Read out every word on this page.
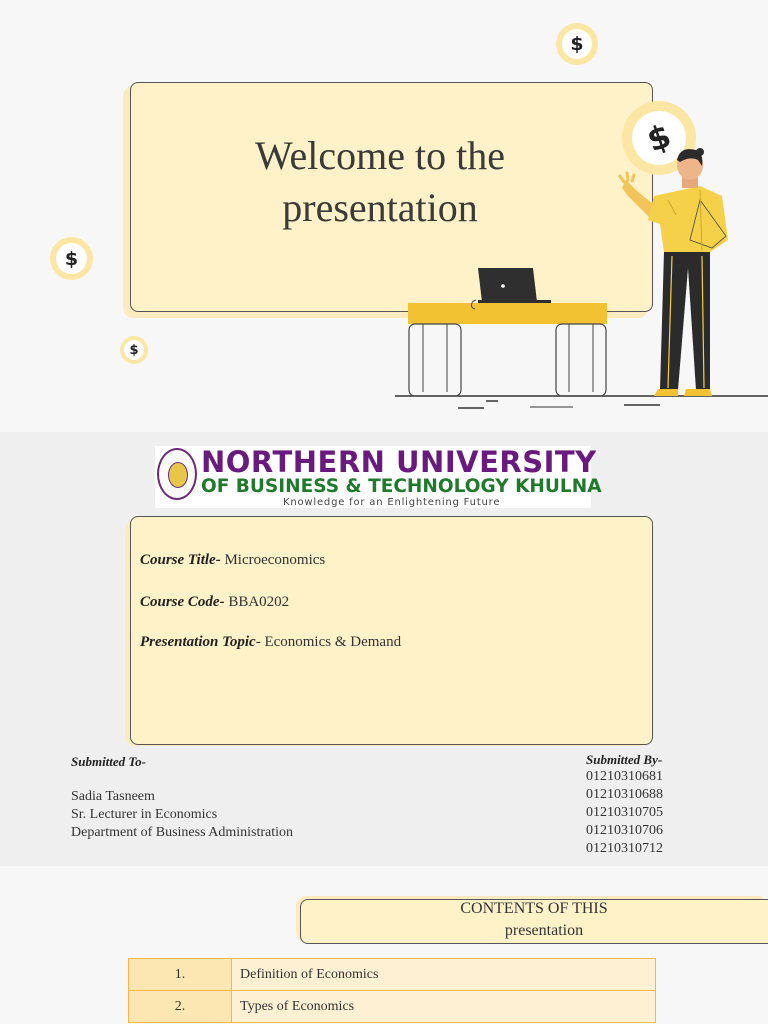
Welcome to the
presentation
$
$
$
$
NORTHERN UNIVERSITY
OF BUSINESS & TECHNOLOGY KHULNA
Knowledge for an Enlightening Future
Course Title- Microeconomics
Course Code- BBA0202
Presentation Topic- Economics & Demand
Submitted To-
Sadia Tasneem
Sr. Lecturer in Economics
Department of Business Administration
Submitted By-
01210310681
01210310688
01210310705
01210310706
01210310712
CONTENTS OF THIS
presentation
1.	Definition of Economics
2.	Types of Economics
